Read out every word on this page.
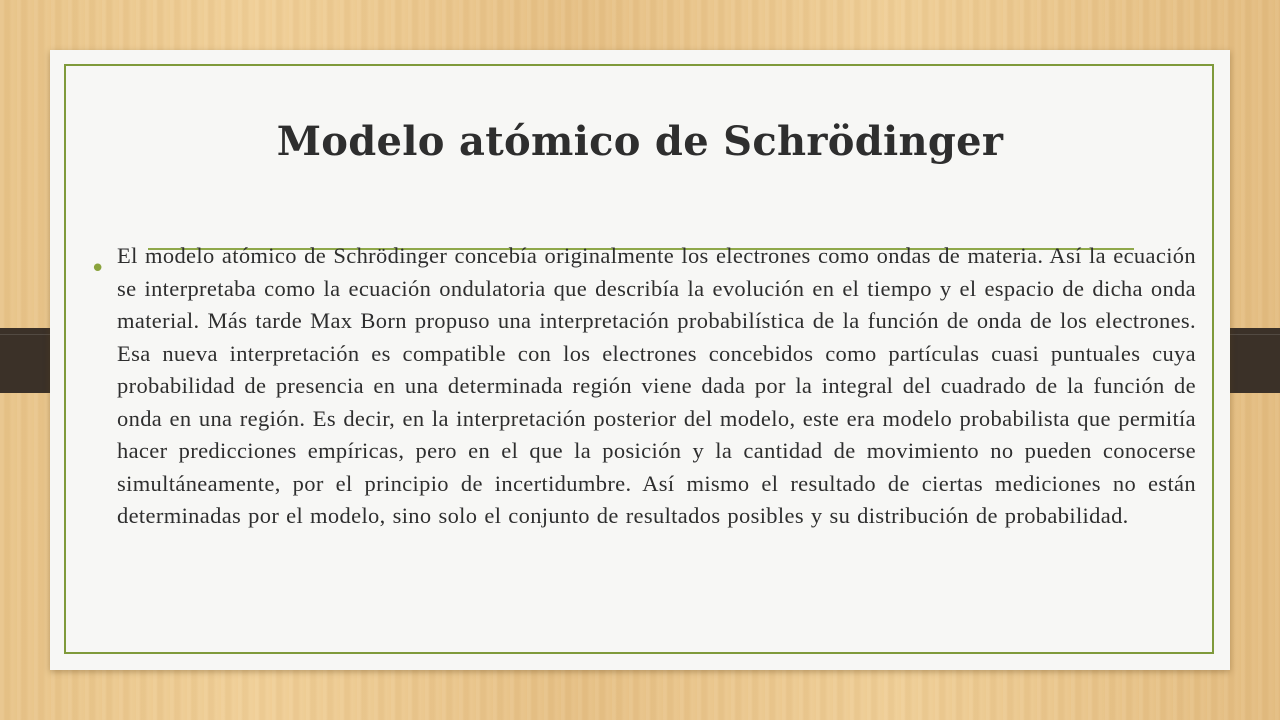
Modelo atómico de Schrödinger
• El modelo atómico de Schrödinger concebía originalmente los electrones como ondas de materia. Así la ecuación se interpretaba como la ecuación ondulatoria que describía la evolución en el tiempo y el espacio de dicha onda material. Más tarde Max Born propuso una interpretación probabilística de la función de onda de los electrones. Esa nueva interpretación es compatible con los electrones concebidos como partículas cuasi puntuales cuya probabilidad de presencia en una determinada región viene dada por la integral del cuadrado de la función de onda en una región. Es decir, en la interpretación posterior del modelo, este era modelo probabilista que permitía hacer predicciones empíricas, pero en el que la posición y la cantidad de movimiento no pueden conocerse simultáneamente, por el principio de incertidumbre. Así mismo el resultado de ciertas mediciones no están determinadas por el modelo, sino solo el conjunto de resultados posibles y su distribución de probabilidad.
